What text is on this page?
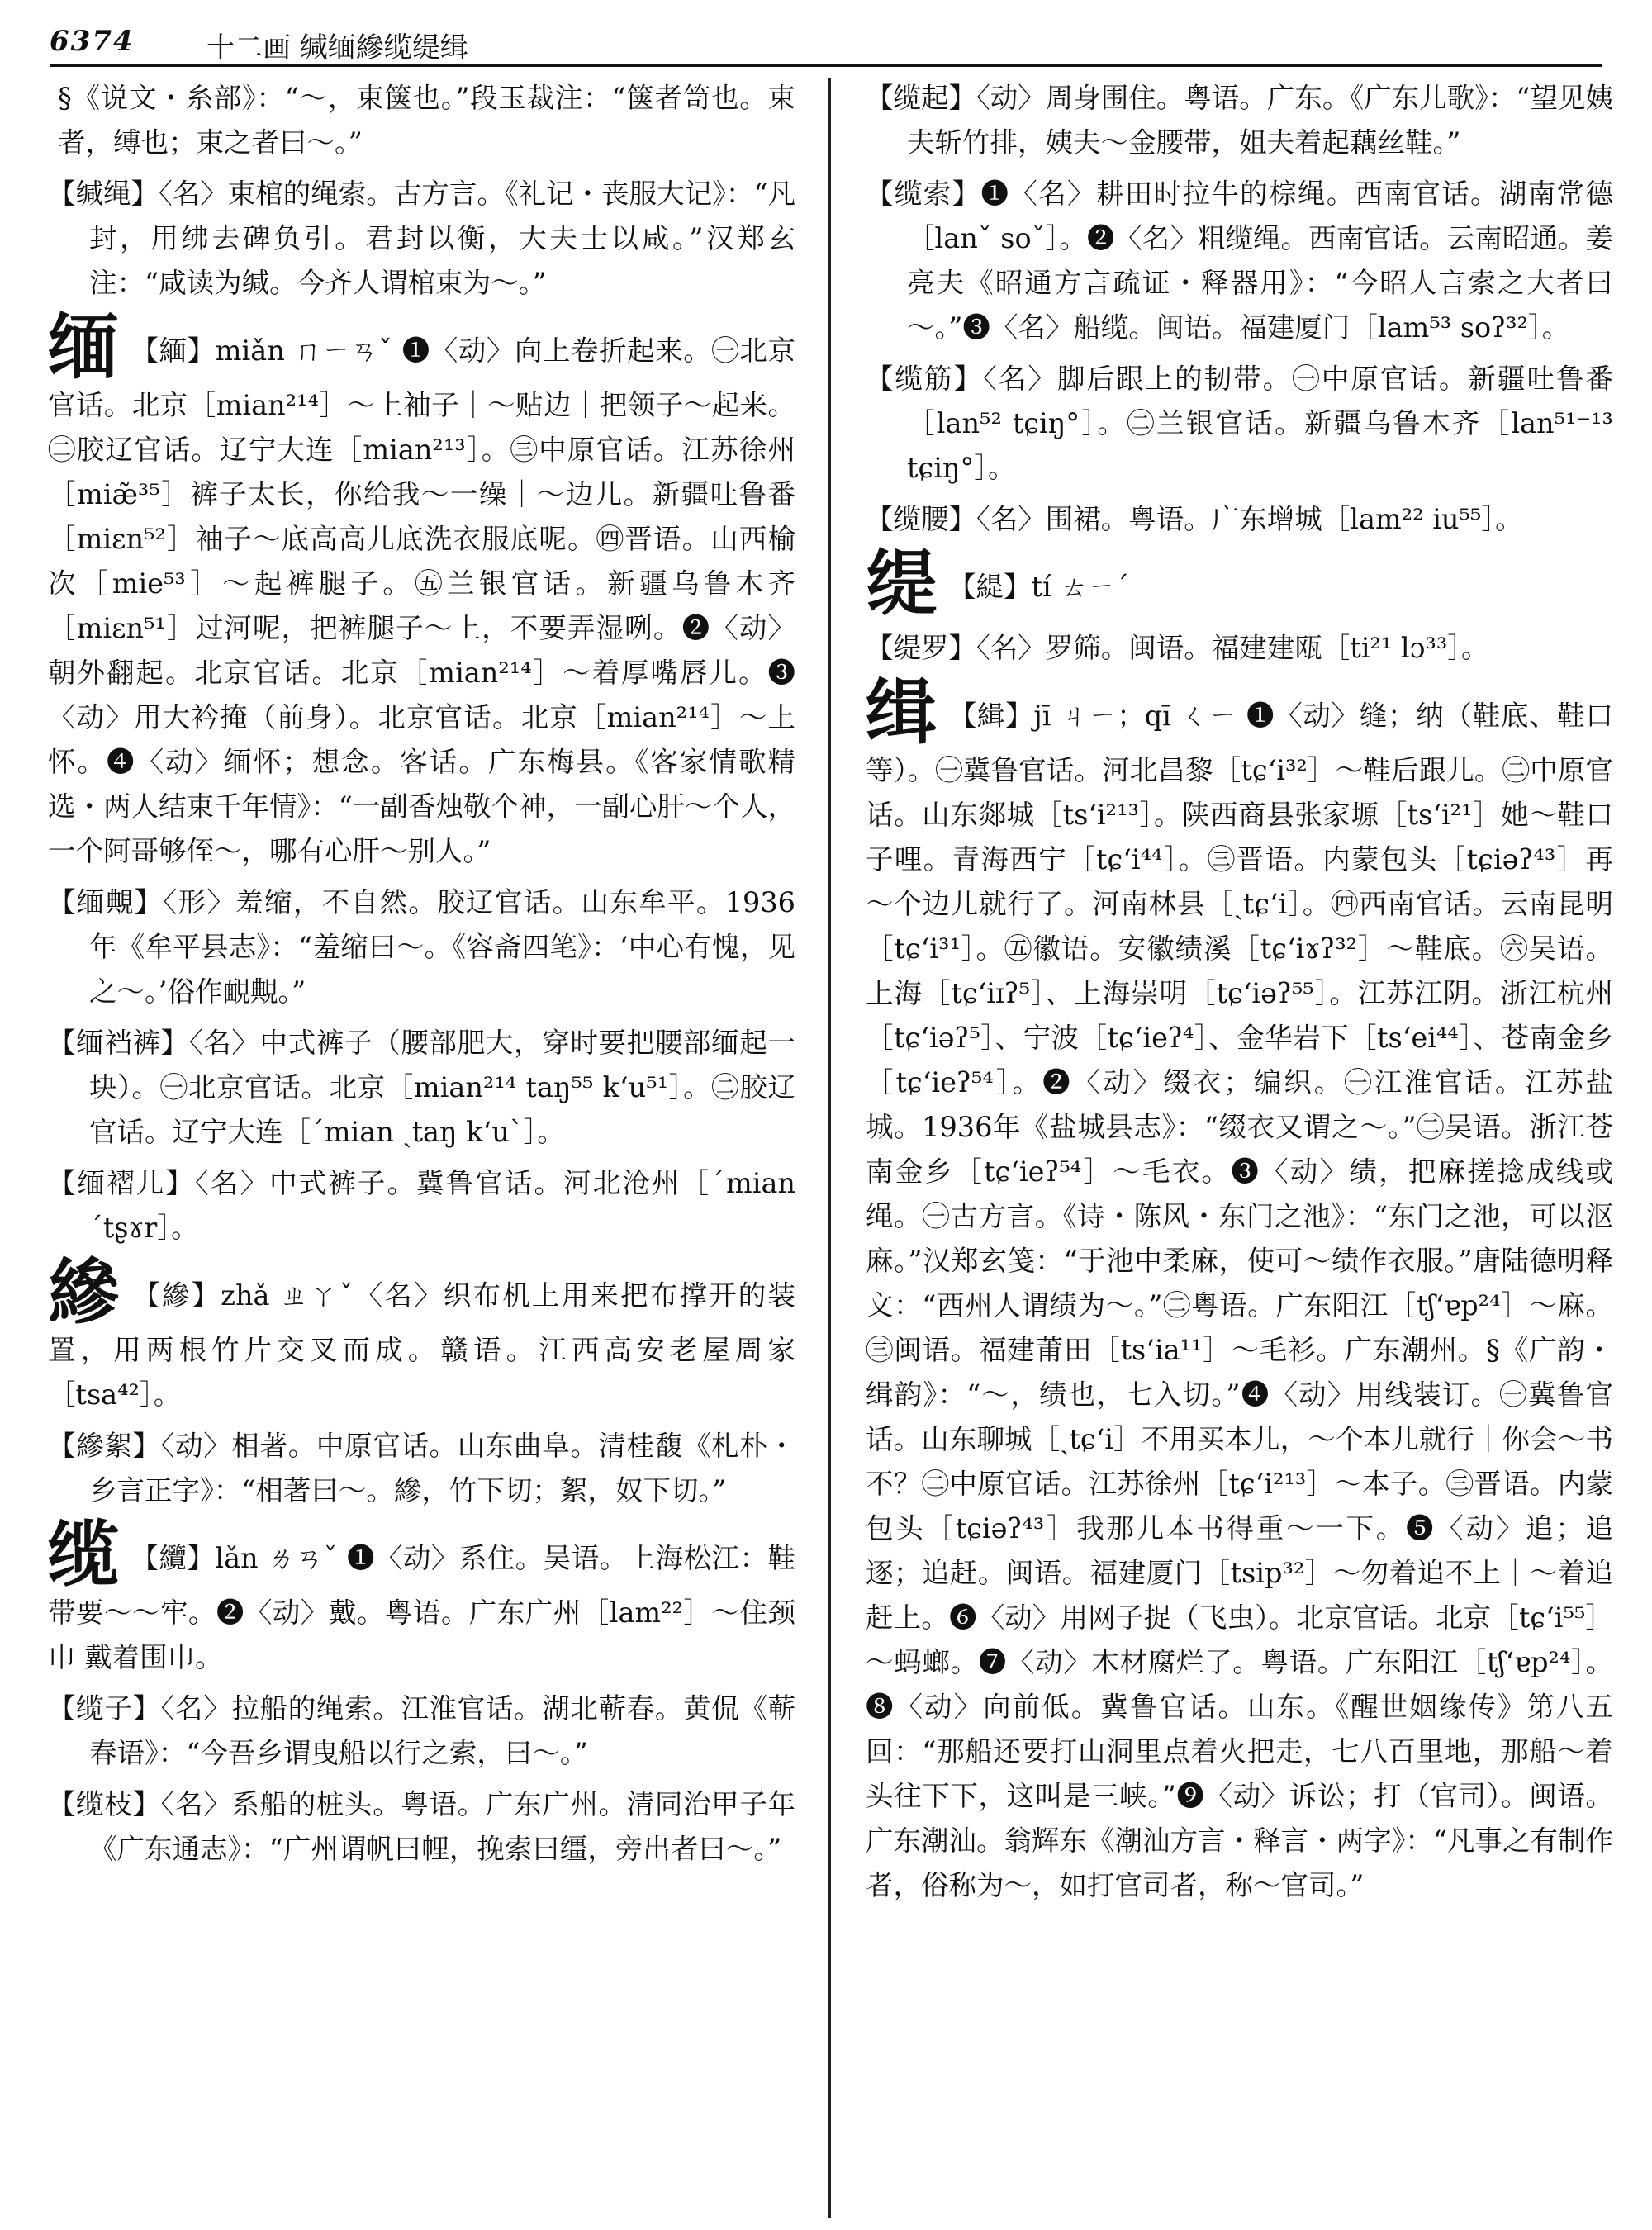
6374	十二画 缄缅縿缆缇缉
§《说文・糸部》：“～，束箧也。”段玉裁注：“箧者笥也。束者，缚也；束之者曰～。”
【缄绳】〈名〉束棺的绳索。古方言。《礼记・丧服大记》：“凡封，用绋去碑负引。君封以衡，大夫士以咸。”汉郑玄注：“咸读为缄。今齐人谓棺束为～。”
缅 【緬】miǎn ㄇㄧㄢˇ ❶〈动〉向上卷折起来。㊀北京官话。北京［mian²¹⁴］～上袖子｜～贴边｜把领子～起来。㊁胶辽官话。辽宁大连［mian²¹³］。㊂中原官话。江苏徐州［miæ̃³⁵］裤子太长，你给我～一缲｜～边儿。新疆吐鲁番［miɛn⁵²］袖子～底高高儿底洗衣服底呢。㊃晋语。山西榆次［mie⁵³］～起裤腿子。㊄兰银官话。新疆乌鲁木齐［miɛn⁵¹］过河呢，把裤腿子～上，不要弄湿咧。❷〈动〉朝外翻起。北京官话。北京［mian²¹⁴］～着厚嘴唇儿。❸〈动〉用大衿掩（前身）。北京官话。北京［mian²¹⁴］～上怀。❹〈动〉缅怀；想念。客话。广东梅县。《客家情歌精选・两人结束千年情》：“一副香烛敬个神，一副心肝～个人，一个阿哥够侄～，哪有心肝～别人。”
【缅覥】〈形〉羞缩，不自然。胶辽官话。山东牟平。1936年《牟平县志》：“羞缩曰～。《容斋四笔》：‘中心有愧，见之～。’俗作靦覥。”
【缅裆裤】〈名〉中式裤子（腰部肥大，穿时要把腰部缅起一块）。㊀北京官话。北京［mian²¹⁴ taŋ⁵⁵ k‘u⁵¹］。㊁胶辽官话。辽宁大连［ˊmian ˏtaŋ k‘uˋ］。
【缅褶儿】〈名〉中式裤子。冀鲁官话。河北沧州［ˊmian ˊtʂɤr］。
縿 【縿】zhǎ ㄓㄚˇ〈名〉织布机上用来把布撑开的装置，用两根竹片交叉而成。赣语。江西高安老屋周家［tsa⁴²］。
【縿絮】〈动〉相著。中原官话。山东曲阜。清桂馥《札朴・乡言正字》：“相著曰～。縿，竹下切；絮，奴下切。”
缆 【纜】lǎn ㄌㄢˇ ❶〈动〉系住。吴语。上海松江：鞋带要～～牢。❷〈动〉戴。粤语。广东广州［lam²²］～住颈巾 戴着围巾。
【缆子】〈名〉拉船的绳索。江淮官话。湖北蕲春。黄侃《蕲春语》：“今吾乡谓曳船以行之索，曰～。”
【缆枝】〈名〉系船的桩头。粤语。广东广州。清同治甲子年《广东通志》：“广州谓帆曰𢃇，挽索曰缰，旁出者曰～。”
【缆起】〈动〉周身围住。粤语。广东。《广东儿歌》：“望见姨夫斩竹排，姨夫～金腰带，姐夫着起藕丝鞋。”
【缆索】❶〈名〉耕田时拉牛的棕绳。西南官话。湖南常德［lanˇ soˇ］。❷〈名〉粗缆绳。西南官话。云南昭通。姜亮夫《昭通方言疏证・释器用》：“今昭人言索之大者曰～。”❸〈名〉船缆。闽语。福建厦门［lam⁵³ soʔ³²］。
【缆筋】〈名〉脚后跟上的韧带。㊀中原官话。新疆吐鲁番［lan⁵² tɕiŋ°］。㊁兰银官话。新疆乌鲁木齐［lan⁵¹⁻¹³ tɕiŋ°］。
【缆腰】〈名〉围裙。粤语。广东增城［lam²² iu⁵⁵］。
缇 【緹】tí ㄊㄧˊ
【缇罗】〈名〉罗筛。闽语。福建建瓯［ti²¹ lɔ³³］。
缉 【緝】jī ㄐㄧ；qī ㄑㄧ ❶〈动〉缝；纳（鞋底、鞋口等）。㊀冀鲁官话。河北昌黎［tɕ‘i³²］～鞋后跟儿。㊁中原官话。山东郯城［ts‘i²¹³］。陕西商县张家塬［ts‘i²¹］她～鞋口子哩。青海西宁［tɕ‘i⁴⁴］。㊂晋语。内蒙包头［tɕiəʔ⁴³］再～个边儿就行了。河南林县［ˏtɕ‘i］。㊃西南官话。云南昆明［tɕ‘i³¹］。㊄徽语。安徽绩溪［tɕ‘iɤʔ³²］～鞋底。㊅吴语。上海［tɕ‘iɪʔ⁵］、上海崇明［tɕ‘iəʔ⁵⁵］。江苏江阴。浙江杭州［tɕ‘iəʔ⁵］、宁波［tɕ‘ieʔ⁴］、金华岩下［ts‘ei⁴⁴］、苍南金乡［tɕ‘ieʔ⁵⁴］。❷〈动〉缀衣；编织。㊀江淮官话。江苏盐城。1936年《盐城县志》：“缀衣又谓之～。”㊁吴语。浙江苍南金乡［tɕ‘ieʔ⁵⁴］～毛衣。❸〈动〉绩，把麻搓捻成线或绳。㊀古方言。《诗・陈风・东门之池》：“东门之池，可以沤麻。”汉郑玄笺：“于池中柔麻，使可～绩作衣服。”唐陆德明释文：“西州人谓绩为～。”㊁粤语。广东阳江［tʃ‘ɐp²⁴］～麻。㊂闽语。福建莆田［ts‘ia¹¹］～毛衫。广东潮州。§《广韵・缉韵》：“～，绩也，七入切。”❹〈动〉用线装订。㊀冀鲁官话。山东聊城［ˏtɕ‘i］不用买本儿，～个本儿就行｜你会～书不？㊁中原官话。江苏徐州［tɕ‘i²¹³］～本子。㊂晋语。内蒙包头［tɕiəʔ⁴³］我那儿本书得重～一下。❺〈动〉追；追逐；追赶。闽语。福建厦门［tsip³²］～勿着追不上｜～着追赶上。❻〈动〉用网子捉（飞虫）。北京官话。北京［tɕ‘i⁵⁵］～蚂螂。❼〈动〉木材腐烂了。粤语。广东阳江［tʃ‘ɐp²⁴］。❽〈动〉向前低。冀鲁官话。山东。《醒世姻缘传》第八五回：“那船还要打山洞里点着火把走，七八百里地，那船～着头往下下，这叫是三峡。”❾〈动〉诉讼；打（官司）。闽语。广东潮汕。翁辉东《潮汕方言・释言・两字》：“凡事之有制作者，俗称为～，如打官司者，称～官司。”
